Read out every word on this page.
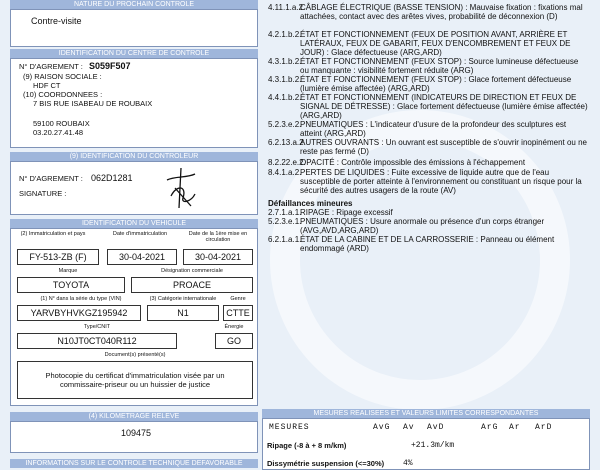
NATURE DU PROCHAIN CONTROLE
Contre-visite
IDENTIFICATION DU CENTRE DE CONTROLE
N° D'AGREMENT : S059F507
(9) RAISON SOCIALE :
HDF CT
(10) COORDONNEES :
7 BIS RUE ISABEAU DE ROUBAIX
59100 ROUBAIX
03.20.27.41.48
(9) IDENTIFICATION DU CONTROLEUR
N° D'AGREMENT : 062D1281
SIGNATURE :
IDENTIFICATION DU VEHICULE
(2) Immatriculation et pays	Date d'immatriculation	Date de la 1ère mise en circulation
FY-513-ZB (F)	30-04-2021	30-04-2021
Marque	Désignation commerciale
TOYOTA	PROACE
(1) N° dans la série du type (VIN)	(3) Catégorie internationale	Genre
YARVBYHVKGZ195942	N1	CTTE
Type/CNIT	Énergie
N10JT0CT040R112	GO
Document(s) présenté(s)
Photocopie du certificat d'immatriculation visée par un commissaire-priseur ou un huissier de justice
(4) KILOMETRAGE RELEVE
109475
INFORMATIONS SUR LE CONTROLE TECHNIQUE DEFAVORABLE
4.11.1.a.2.CÂBLAGE ÉLECTRIQUE (BASSE TENSION) : Mauvaise fixation : fixations mal attachées, contact avec des arêtes vives, probabilité de déconnexion (D)
4.2.1.b.2.ÉTAT ET FONCTIONNEMENT (FEUX DE POSITION AVANT, ARRIÈRE ET LATÉRAUX, FEUX DE GABARIT, FEUX D'ENCOMBREMENT ET FEUX DE JOUR) : Glace défectueuse (ARG,ARD)
4.3.1.b.2.ÉTAT ET FONCTIONNEMENT (FEUX STOP) : Source lumineuse défectueuse ou manquante : visibilité fortement réduite (ARG)
4.3.1.b.2.ÉTAT ET FONCTIONNEMENT (FEUX STOP) : Glace fortement défectueuse (lumière émise affectée) (ARG,ARD)
4.4.1.b.2.ÉTAT ET FONCTIONNEMENT (INDICATEURS DE DIRECTION ET FEUX DE SIGNAL DE DÉTRESSE) : Glace fortement défectueuse (lumière émise affectée) (ARG,ARD)
5.2.3.e.2.PNEUMATIQUES : L'indicateur d'usure de la profondeur des sculptures est atteint (ARG,ARD)
6.2.13.a.2.AUTRES OUVRANTS : Un ouvrant est susceptible de s'ouvrir inopinément ou ne reste pas fermé (D)
8.2.22.e.2.OPACITÉ : Contrôle impossible des émissions à l'échappement
8.4.1.a.2.PERTES DE LIQUIDES : Fuite excessive de liquide autre que de l'eau susceptible de porter atteinte à l'environnement ou constituant un risque pour la sécurité des autres usagers de la route (AV)
Défaillances mineures
2.7.1.a.1.RIPAGE : Ripage excessif
5.2.3.e.1.PNEUMATIQUES : Usure anormale ou présence d'un corps étranger (AVG,AVD,ARG,ARD)
6.2.1.a.1.ÉTAT DE LA CABINE ET DE LA CARROSSERIE : Panneau ou élément endommagé (ARD)
MESURES REALISEES ET VALEURS LIMITES CORRESPONDANTES
MESURES	AvG Av AvD	ArG Ar ArD
Ripage (-8 à + 8 m/km)	+21.3m/km
Dissymétrie suspension (<=30%) 4%
